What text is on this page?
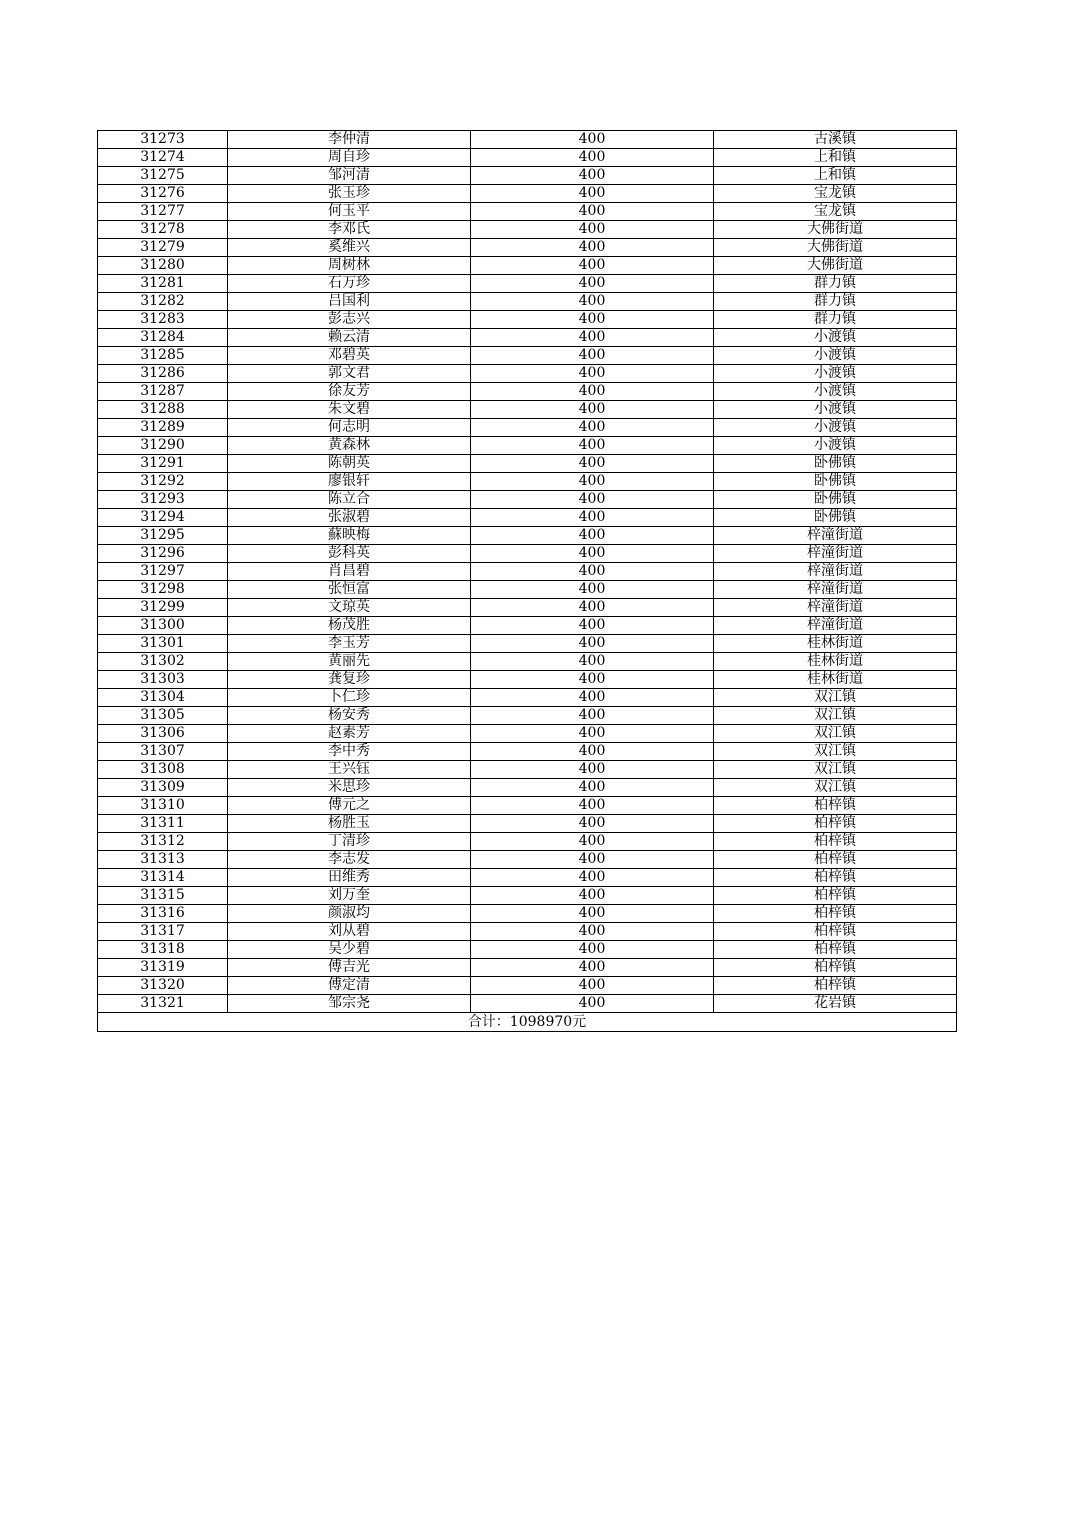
31273	李仲清	400	古溪镇
31274	周自珍	400	上和镇
31275	邹河清	400	上和镇
31276	张玉珍	400	宝龙镇
31277	何玉平	400	宝龙镇
31278	李邓氏	400	大佛街道
31279	奚维兴	400	大佛街道
31280	周树林	400	大佛街道
31281	石万珍	400	群力镇
31282	吕国利	400	群力镇
31283	彭志兴	400	群力镇
31284	赖云清	400	小渡镇
31285	邓碧英	400	小渡镇
31286	郭文君	400	小渡镇
31287	徐友芳	400	小渡镇
31288	朱文碧	400	小渡镇
31289	何志明	400	小渡镇
31290	黄森林	400	小渡镇
31291	陈朝英	400	卧佛镇
31292	廖银轩	400	卧佛镇
31293	陈立合	400	卧佛镇
31294	张淑碧	400	卧佛镇
31295	蘇映梅	400	梓潼街道
31296	彭科英	400	梓潼街道
31297	肖昌碧	400	梓潼街道
31298	张恒富	400	梓潼街道
31299	文琼英	400	梓潼街道
31300	杨茂胜	400	梓潼街道
31301	李玉芳	400	桂林街道
31302	黄丽先	400	桂林街道
31303	龚复珍	400	桂林街道
31304	卜仁珍	400	双江镇
31305	杨安秀	400	双江镇
31306	赵素芳	400	双江镇
31307	李中秀	400	双江镇
31308	王兴钰	400	双江镇
31309	米思珍	400	双江镇
31310	傅元之	400	柏梓镇
31311	杨胜玉	400	柏梓镇
31312	丁清珍	400	柏梓镇
31313	李志发	400	柏梓镇
31314	田维秀	400	柏梓镇
31315	刘万奎	400	柏梓镇
31316	颜淑均	400	柏梓镇
31317	刘从碧	400	柏梓镇
31318	吴少碧	400	柏梓镇
31319	傅吉光	400	柏梓镇
31320	傅定清	400	柏梓镇
31321	邹宗尧	400	花岩镇
合计：1098970元			
